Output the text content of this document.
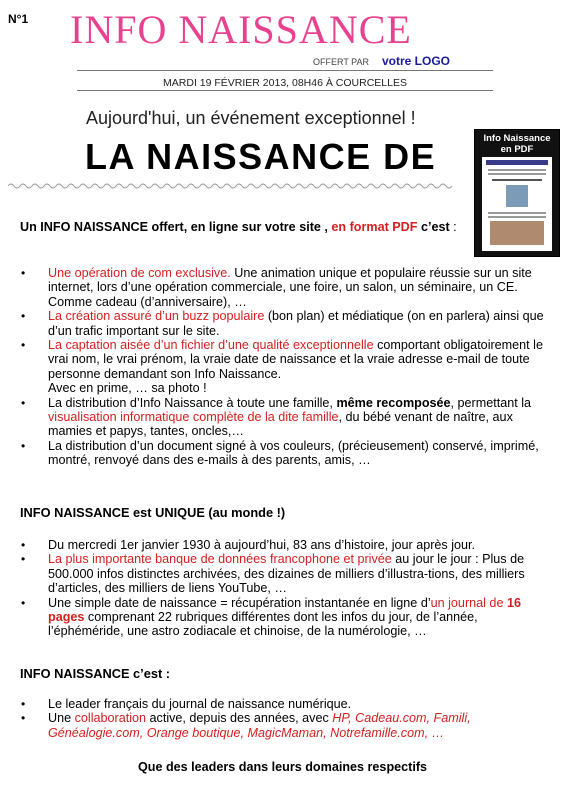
N°1 INFO NAISSANCE
OFFERT PAR votre LOGO
MARDI 19 FÉVRIER 2013, 08H46 À COURCELLES
Aujourd'hui, un événement exceptionnel !
LA NAISSANCE DE	Info Naissance
en PDF
Un INFO NAISSANCE offert, en ligne sur votre site , en format PDF c’est :
• Une opération de com exclusive. Une animation unique et populaire réussie sur un site internet, lors d’une opération commerciale, une foire, un salon, un séminaire, un CE. Comme cadeau (d’anniversaire), …
• La création assuré d’un buzz populaire (bon plan) et médiatique (on en parlera) ainsi que d’un trafic important sur le site.
• La captation aisée d’un fichier d’une qualité exceptionnelle comportant obligatoirement le vrai nom, le vrai prénom, la vraie date de naissance et la vraie adresse e-mail de toute personne demandant son Info Naissance.
Avec en prime, … sa photo !
• La distribution d’Info Naissance à toute une famille, même recomposée, permettant la visualisation informatique complète de la dite famille, du bébé venant de naître, aux mamies et papys, tantes, oncles,…
• La distribution d’un document signé à vos couleurs, (précieusement) conservé, imprimé, montré, renvoyé dans des e-mails à des parents, amis, …
INFO NAISSANCE est UNIQUE (au monde !)
• Du mercredi 1er janvier 1930 à aujourd’hui, 83 ans d’histoire, jour après jour.
• La plus importante banque de données francophone et privée au jour le jour : Plus de 500.000 infos distinctes archivées, des dizaines de milliers d’illustra-tions, des milliers d’articles, des milliers de liens YouTube, …
• Une simple date de naissance = récupération instantanée en ligne d’un journal de 16 pages comprenant 22 rubriques différentes dont les infos du jour, de l’année, l’éphéméride, une astro zodiacale et chinoise, de la numérologie, …
INFO NAISSANCE c’est :
• Le leader français du journal de naissance numérique.
• Une collaboration active, depuis des années, avec HP, Cadeau.com, Famili, Généalogie.com, Orange boutique, MagicMaman, Notrefamille.com, …
Que des leaders dans leurs domaines respectifs
